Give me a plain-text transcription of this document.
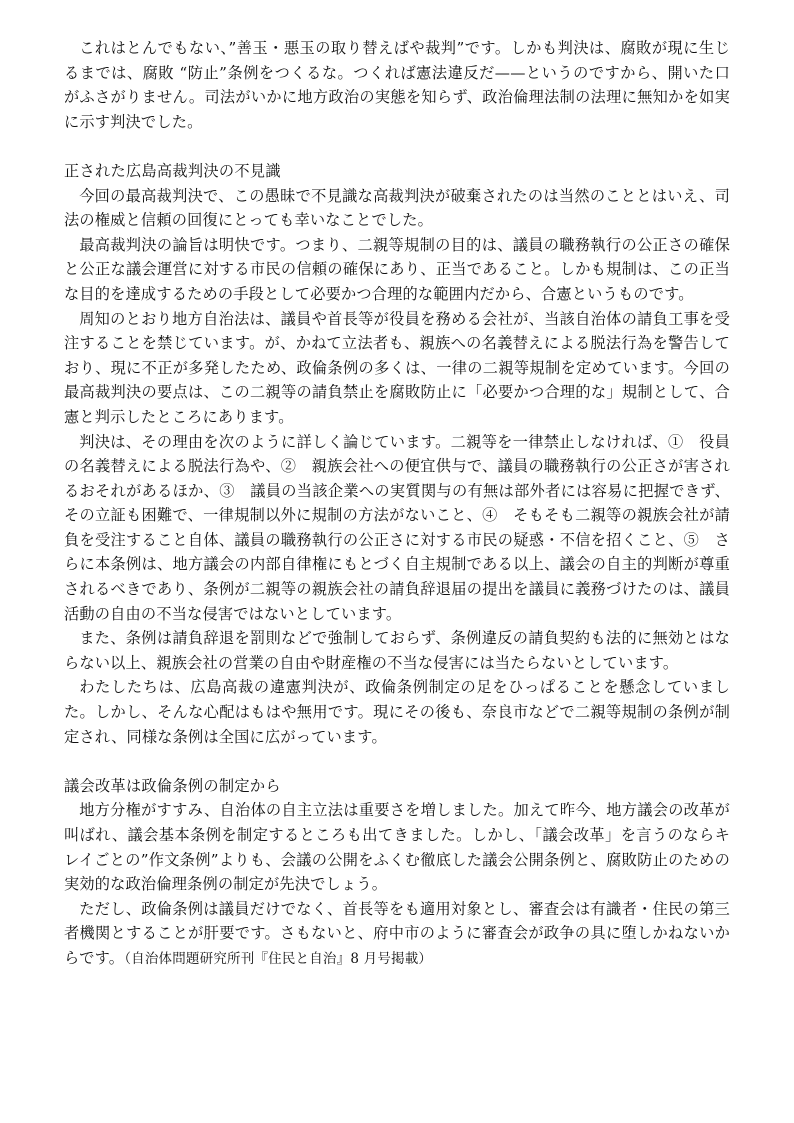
これはとんでもない、”善玉・悪玉の取り替えばや裁判”です。しかも判決は、腐敗が現に生じるまでは、腐敗 “防止”条例をつくるな。つくれば憲法違反だ——というのですから、開いた口がふさがりません。司法がいかに地方政治の実態を知らず、政治倫理法制の法理に無知かを如実に示す判決でした。

正された広島高裁判決の不見識

今回の最高裁判決で、この愚昧で不見識な高裁判決が破棄されたのは当然のこととはいえ、司法の権威と信頼の回復にとっても幸いなことでした。

最高裁判決の論旨は明快です。つまり、二親等規制の目的は、議員の職務執行の公正さの確保と公正な議会運営に対する市民の信頼の確保にあり、正当であること。しかも規制は、この正当な目的を達成するための手段として必要かつ合理的な範囲内だから、合憲というものです。

周知のとおり地方自治法は、議員や首長等が役員を務める会社が、当該自治体の請負工事を受注することを禁じています。が、かねて立法者も、親族への名義替えによる脱法行為を警告しており、現に不正が多発したため、政倫条例の多くは、一律の二親等規制を定めています。今回の最高裁判決の要点は、この二親等の請負禁止を腐敗防止に「必要かつ合理的な」規制として、合憲と判示したところにあります。

判決は、その理由を次のように詳しく論じています。二親等を一律禁止しなければ、①　役員の名義替えによる脱法行為や、②　親族会社への便宜供与で、議員の職務執行の公正さが害されるおそれがあるほか、③　議員の当該企業への実質関与の有無は部外者には容易に把握できず、その立証も困難で、一律規制以外に規制の方法がないこと、④　そもそも二親等の親族会社が請負を受注すること自体、議員の職務執行の公正さに対する市民の疑惑・不信を招くこと、⑤　さらに本条例は、地方議会の内部自律権にもとづく自主規制である以上、議会の自主的判断が尊重されるべきであり、条例が二親等の親族会社の請負辞退届の提出を議員に義務づけたのは、議員活動の自由の不当な侵害ではないとしています。

また、条例は請負辞退を罰則などで強制しておらず、条例違反の請負契約も法的に無効とはならない以上、親族会社の営業の自由や財産権の不当な侵害には当たらないとしています。

わたしたちは、広島高裁の違憲判決が、政倫条例制定の足をひっぱることを懸念していました。しかし、そんな心配はもはや無用です。現にその後も、奈良市などで二親等規制の条例が制定され、同様な条例は全国に広がっています。

議会改革は政倫条例の制定から

地方分権がすすみ、自治体の自主立法は重要さを増しました。加えて昨今、地方議会の改革が叫ばれ、議会基本条例を制定するところも出てきました。しかし、「議会改革」を言うのならキレイごとの”作文条例”よりも、会議の公開をふくむ徹底した議会公開条例と、腐敗防止のための実効的な政治倫理条例の制定が先決でしょう。

ただし、政倫条例は議員だけでなく、首長等をも適用対象とし、審査会は有識者・住民の第三者機関とすることが肝要です。さもないと、府中市のように審査会が政争の具に堕しかねないからです。（自治体問題研究所刊『住民と自治』8 月号掲載）
